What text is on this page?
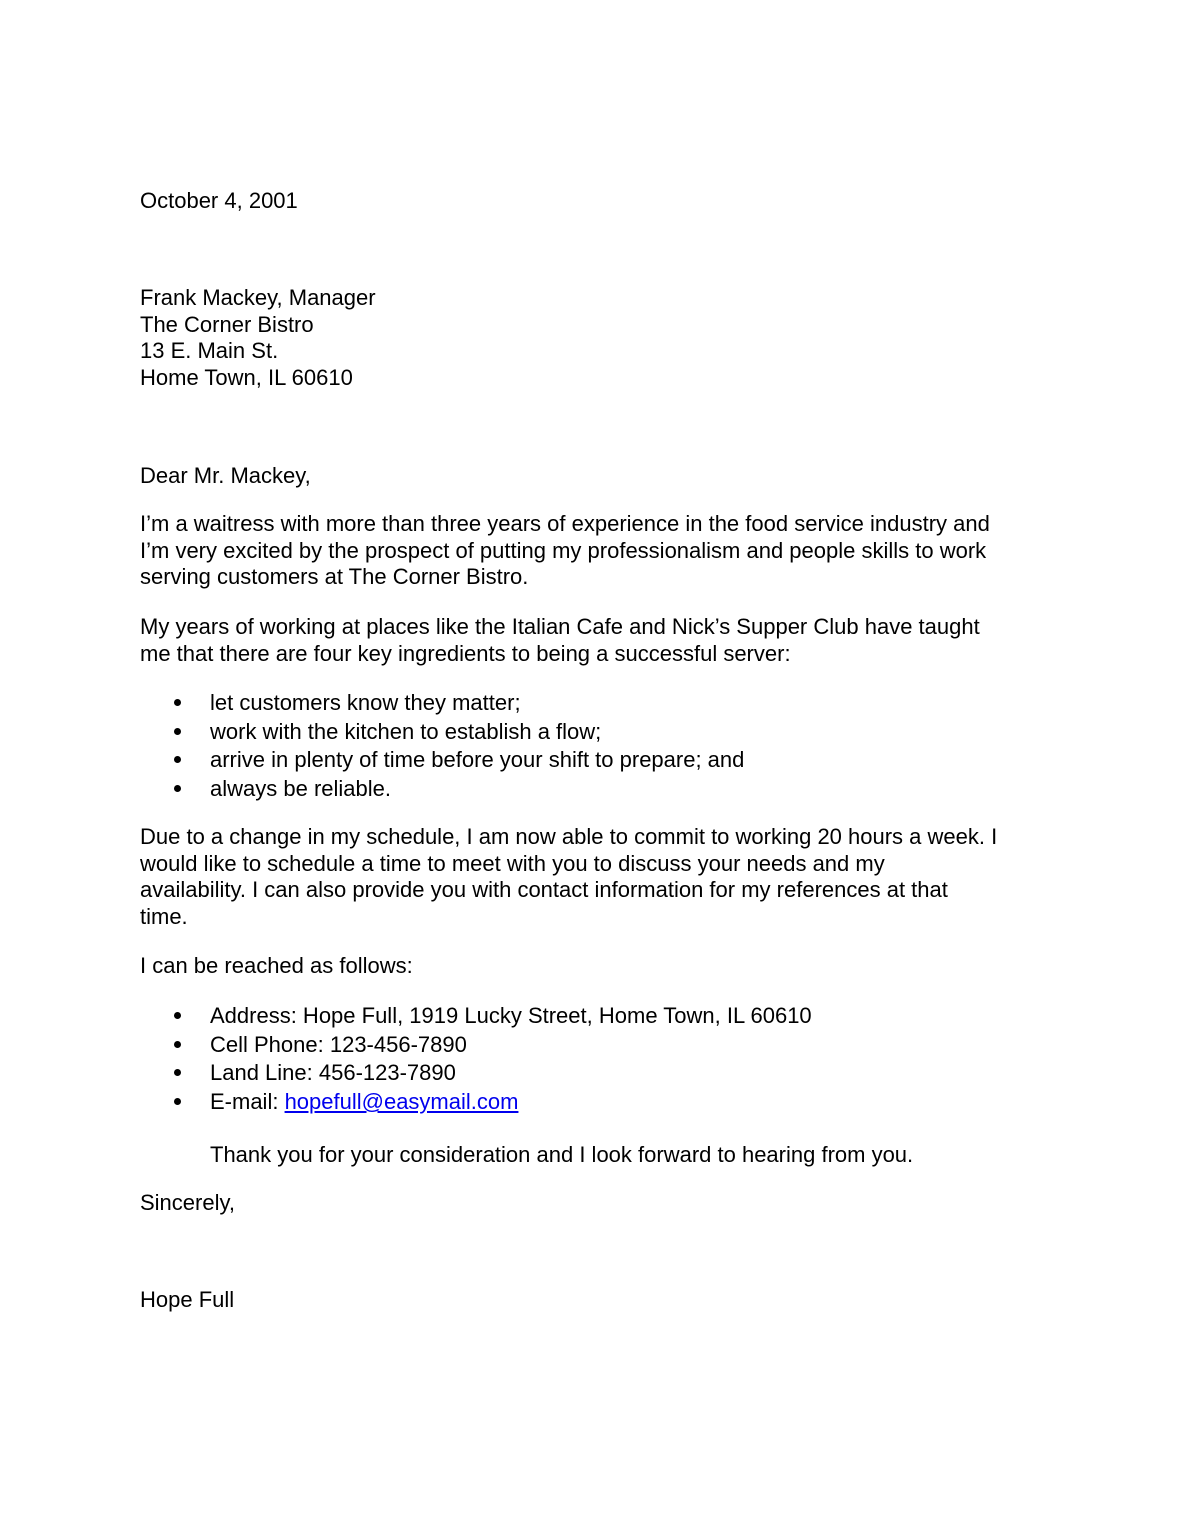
October 4, 2001
Frank Mackey, Manager
The Corner Bistro
13 E. Main St.
Home Town, IL 60610
Dear Mr. Mackey,
I’m a waitress with more than three years of experience in the food service industry and
I’m very excited by the prospect of putting my professionalism and people skills to work
serving customers at The Corner Bistro.
My years of working at places like the Italian Cafe and Nick’s Supper Club have taught
me that there are four key ingredients to being a successful server:
let customers know they matter;
work with the kitchen to establish a flow;
arrive in plenty of time before your shift to prepare; and
always be reliable.
Due to a change in my schedule, I am now able to commit to working 20 hours a week. I
would like to schedule a time to meet with you to discuss your needs and my
availability. I can also provide you with contact information for my references at that
time.
I can be reached as follows:
Address: Hope Full, 1919 Lucky Street, Home Town, IL 60610
Cell Phone: 123-456-7890
Land Line: 456-123-7890
E-mail: hopefull@easymail.com
Thank you for your consideration and I look forward to hearing from you.
Sincerely,
Hope Full
